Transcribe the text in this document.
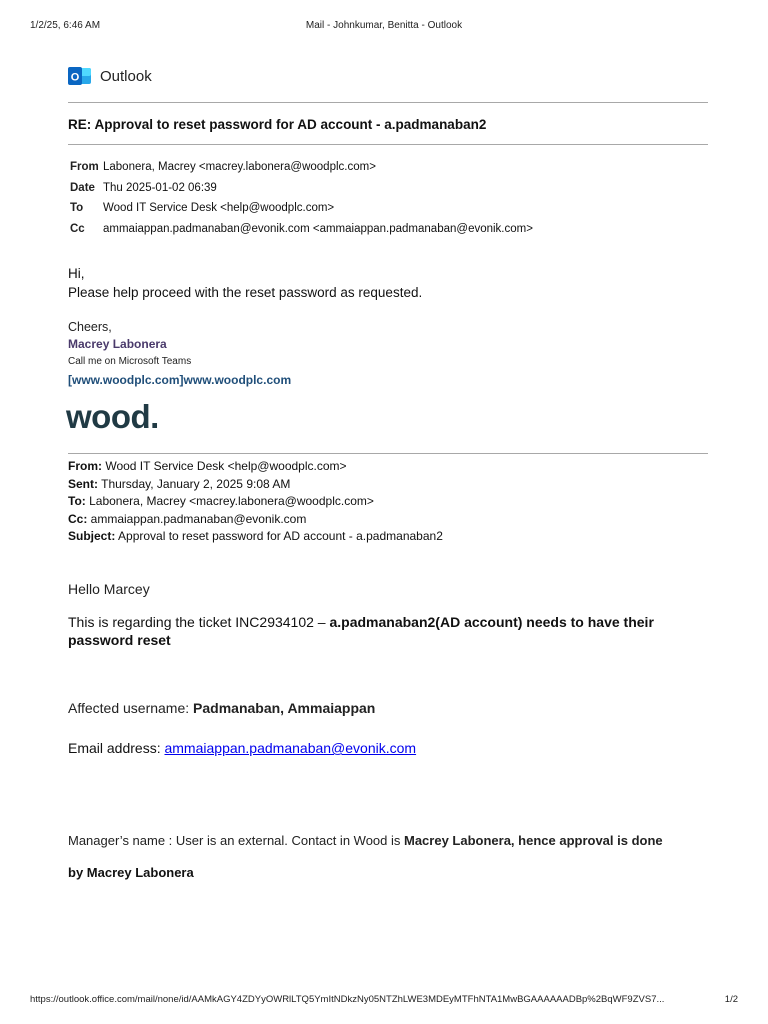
1/2/25, 6:46 AM	Mail - Johnkumar, Benitta - Outlook
O Outlook
RE: Approval to reset password for AD account - a.padmanaban2
From Labonera, Macrey <macrey.labonera@woodplc.com>
Date Thu 2025-01-02 06:39
To	Wood IT Service Desk <help@woodplc.com>
Cc	ammaiappan.padmanaban@evonik.com <ammaiappan.padmanaban@evonik.com>
Hi,
Please help proceed with the reset password as requested.
Cheers,
Macrey Labonera
Call me on Microsoft Teams
[www.woodplc.com]www.woodplc.com
wood.
From: Wood IT Service Desk <help@woodplc.com>
Sent: Thursday, January 2, 2025 9:08 AM
To: Labonera, Macrey <macrey.labonera@woodplc.com>
Cc: ammaiappan.padmanaban@evonik.com
Subject: Approval to reset password for AD account - a.padmanaban2
Hello Marcey
This is regarding the ticket INC2934102 – a.padmanaban2(AD account) needs to have their password reset
Affected username: Padmanaban, Ammaiappan
Email address: ammaiappan.padmanaban@evonik.com
Manager’s name : User is an external. Contact in Wood is Macrey Labonera, hence approval is done
by Macrey Labonera
https://outlook.office.com/mail/none/id/AAMkAGY4ZDYyOWRlLTQ5YmItNDkzNy05NTZhLWE3MDEyMTFhNTA1MwBGAAAAAADBp%2BqWF9ZVS7...	1/2
